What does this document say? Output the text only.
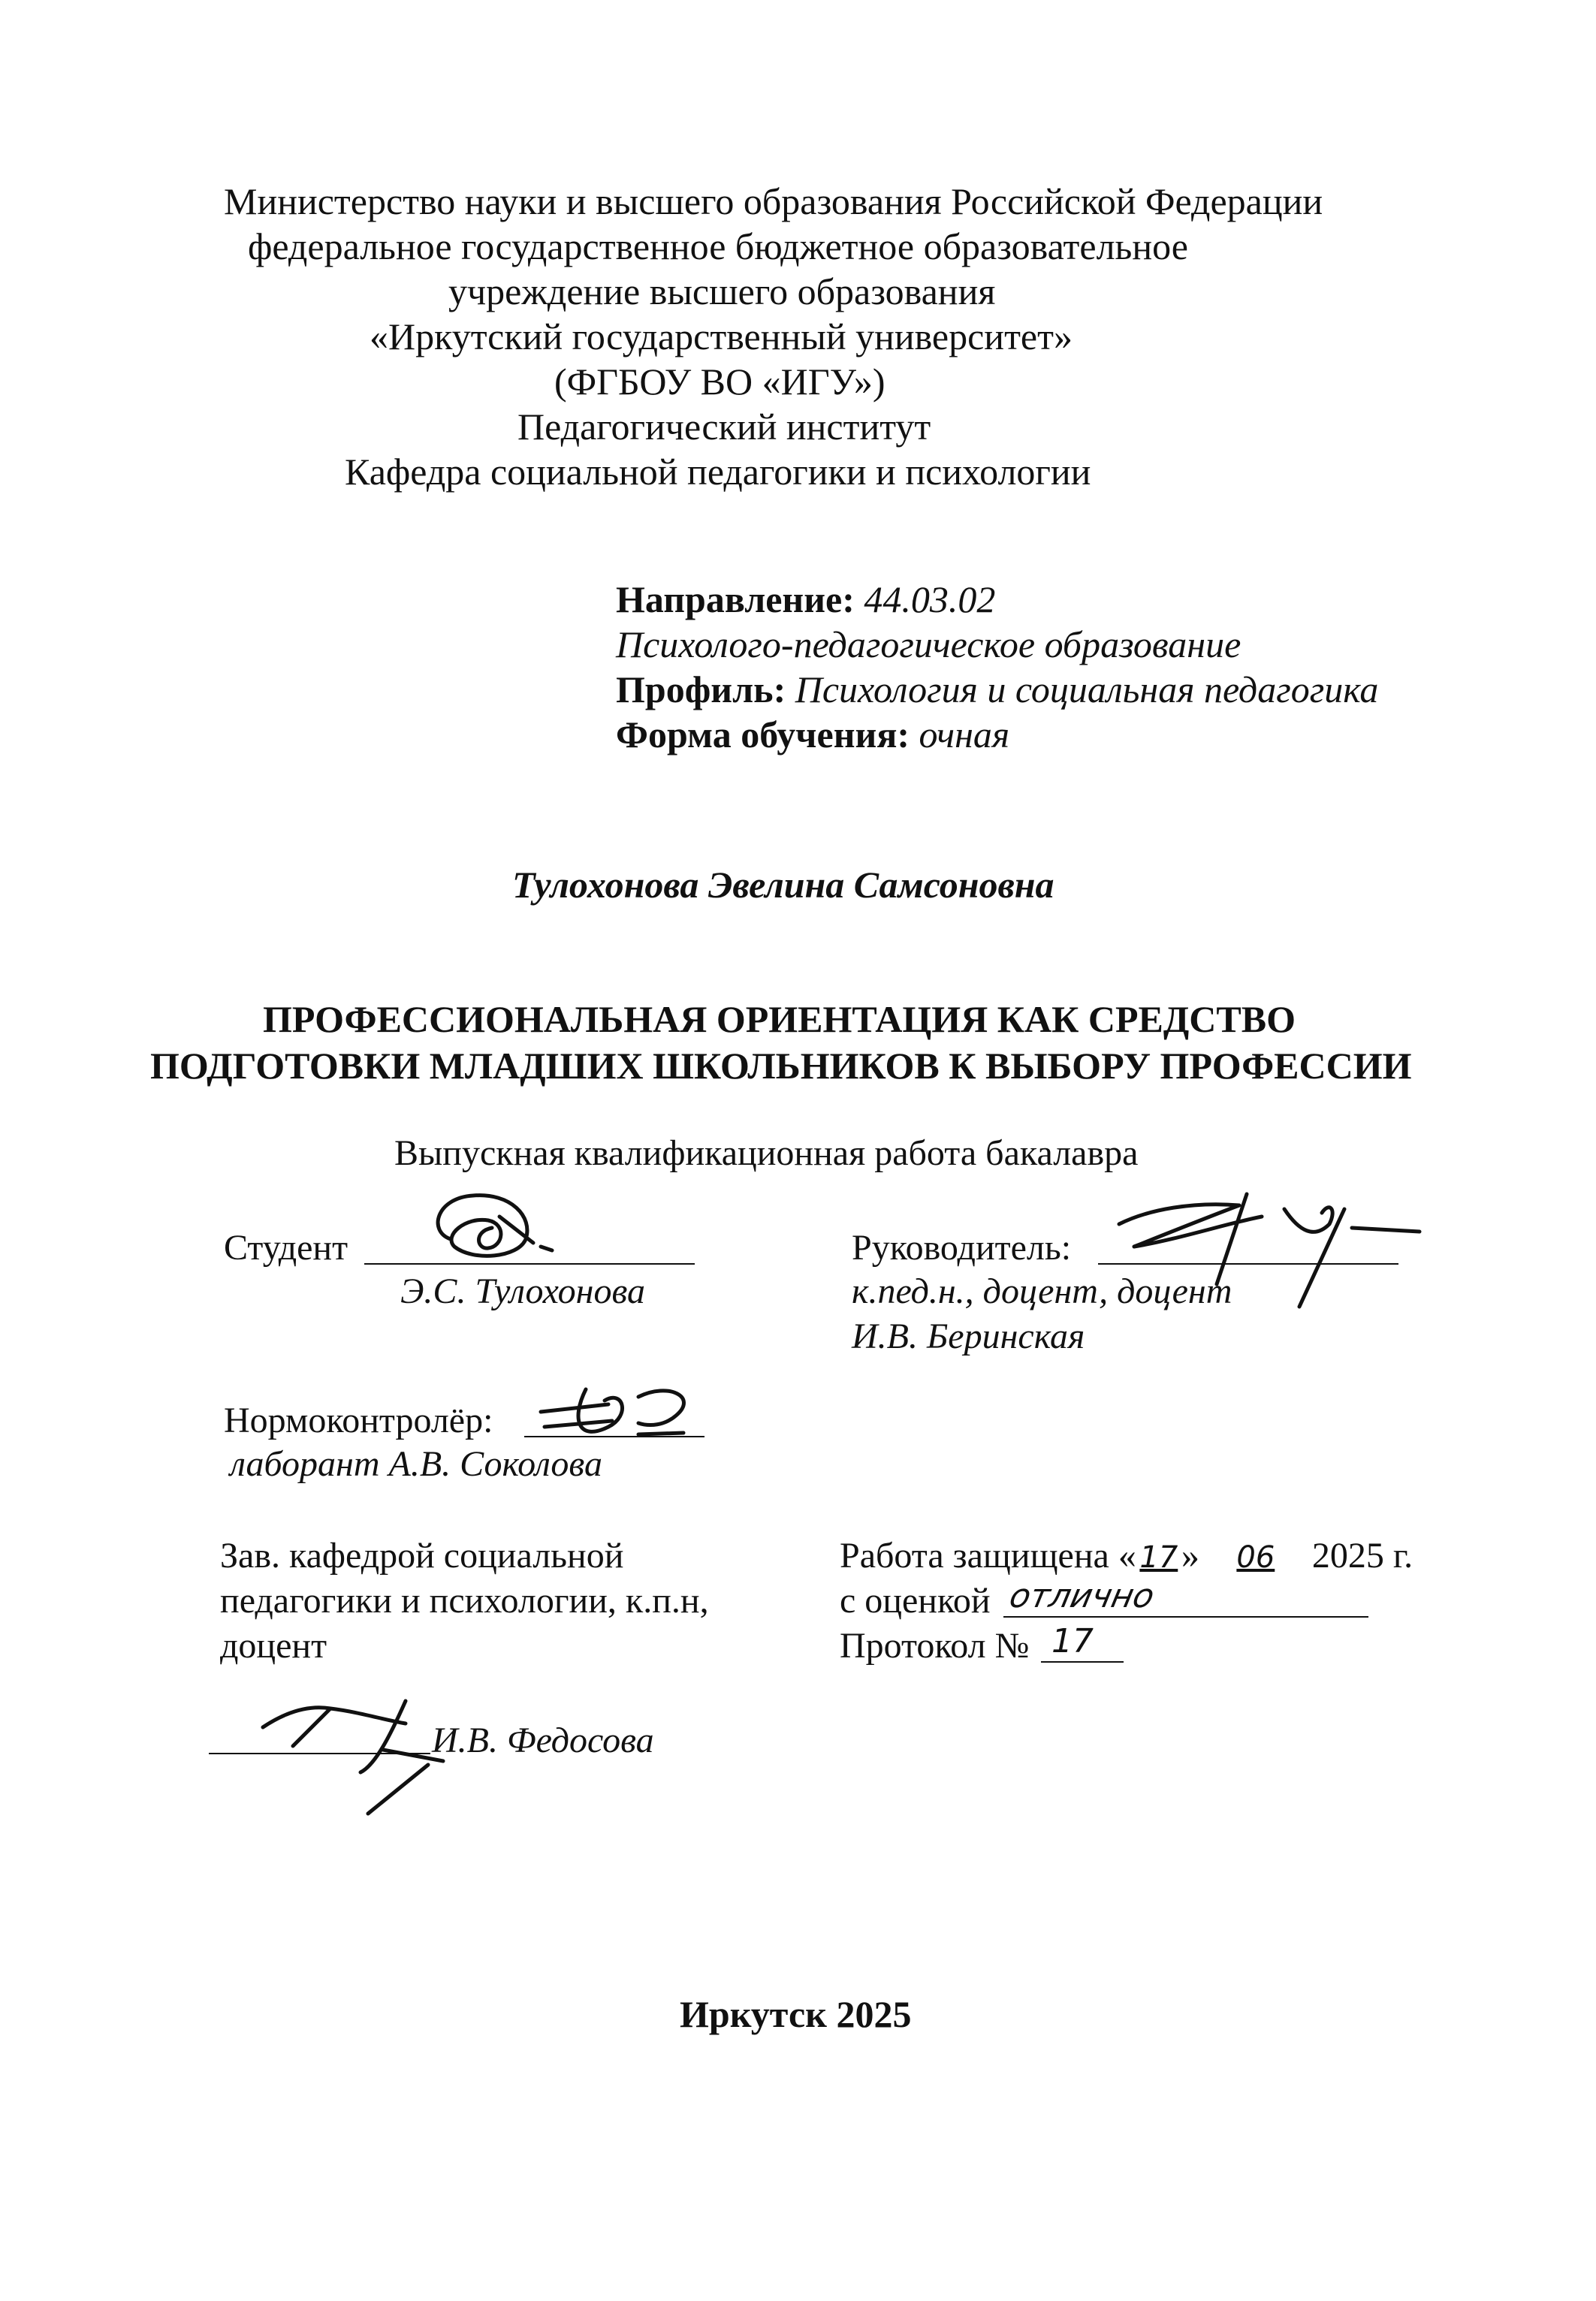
Министерство науки и высшего образования Российской Федерации
федеральное государственное бюджетное образовательное
учреждение высшего образования
«Иркутский государственный университет»
(ФГБОУ ВО «ИГУ»)
Педагогический институт
Кафедра социальной педагогики и психологии
Направление: 44.03.02
Психолого-педагогическое образование
Профиль: Психология и социальная педагогика
Форма обучения: очная
Тулохонова Эвелина Самсоновна
ПРОФЕССИОНАЛЬНАЯ ОРИЕНТАЦИЯ КАК СРЕДСТВО
ПОДГОТОВКИ МЛАДШИХ ШКОЛЬНИКОВ К ВЫБОРУ ПРОФЕССИИ
Выпускная квалификационная работа бакалавра
Студент
Э.С. Тулохонова
Руководитель:
к.пед.н., доцент, доцент
И.В. Беринская
Нормоконтролёр:
лаборант А.В. Соколова
Зав. кафедрой социальной
педагогики и психологии, к.п.н,
доцент
И.В. Федосова
Работа защищена « 17» 06 2025 г.
с оценкой отлично
Протокол № 17
Иркутск 2025
